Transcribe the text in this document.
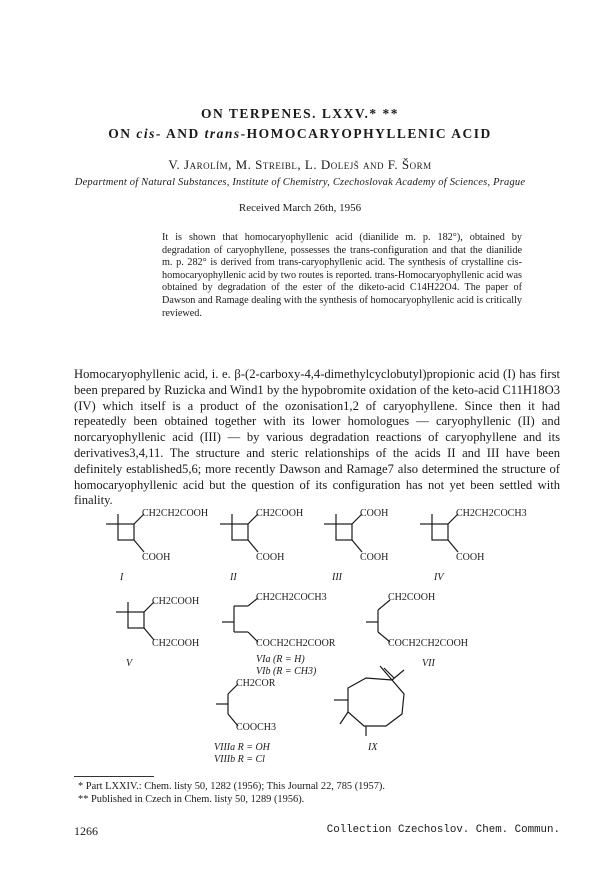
ON TERPENES. LXXV.* **
ON cis- AND trans-HOMOCARYOPHYLLENIC ACID
V. Jarolím, M. Streibl, L. Dolejš and F. Šorm
Department of Natural Substances, Institute of Chemistry, Czechoslovak Academy of Sciences, Prague
Received March 26th, 1956
It is shown that homocaryophyllenic acid (dianilide m. p. 182°), obtained by degradation of caryophyllene, possesses the trans-configuration and that the dianilide m. p. 282° is derived from trans-caryophyllenic acid. The synthesis of crystalline cis-homocaryophyllenic acid by two routes is reported. trans-Homocaryophyllenic acid was obtained by degradation of the ester of the diketo-acid C14H22O4. The paper of Dawson and Ramage dealing with the synthesis of homocaryophyllenic acid is critically reviewed.

Homocaryophyllenic acid, i. e. β-(2-carboxy-4,4-dimethylcyclobutyl)propionic acid (I) has first been prepared by Ruzicka and Wind1 by the hypobromite oxidation of the keto-acid C11H18O3 (IV) which itself is a product of the ozonisation1,2 of caryophyllene. Since then it had repeatedly been obtained together with its lower homologues — caryophyllenic (II) and norcaryophyllenic acid (III) — by various degradation reactions of caryophyllene and its derivatives3,4,11. The structure and steric relationships of the acids II and III have been definitely established5,6; more recently Dawson and Ramage7 also determined the structure of homocaryophyllenic acid but the question of its configuration has not yet been settled with finality.

CH2CH2COOH
COOH
I
CH2COOH
COOH
II
COOH
COOH
III
CH2CH2COCH3
COOH
IV
CH2COOH
CH2COOH
V
CH2CH2COCH3
COCH2CH2COOR
VIa (R = H)
VIb (R = CH3)
CH2COOH
COCH2CH2COOH
VII
CH2COR
COOCH3
VIIIa R = OH
VIIIb R = Cl
IX
* Part LXXIV.: Chem. listy 50, 1282 (1956); This Journal 22, 785 (1957).
** Published in Czech in Chem. listy 50, 1289 (1956).
1266	Collection Czechoslov. Chem. Commun.
